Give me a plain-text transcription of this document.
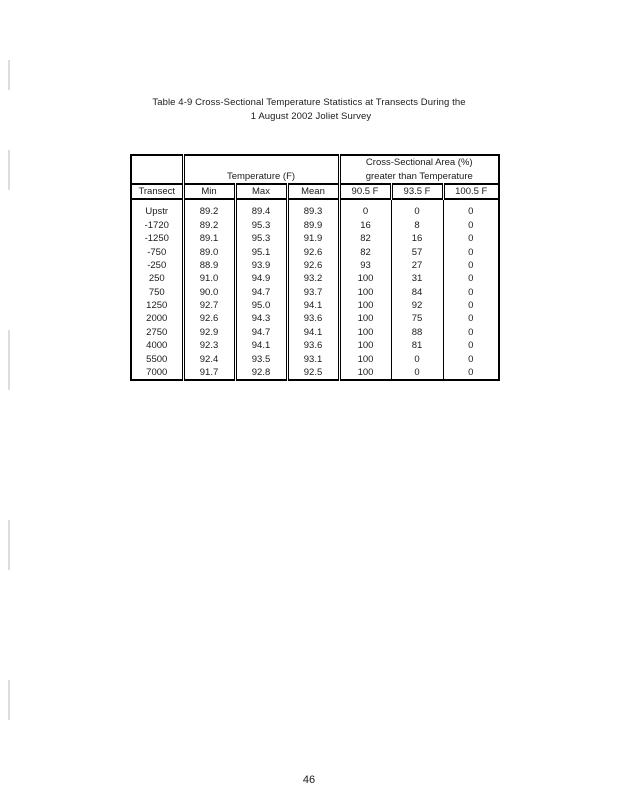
Table 4-9 Cross-Sectional Temperature Statistics at Transects During the
1 August 2002 Joliet Survey
				Cross-Sectional Area (%)		
	Temperature (F)			greater than Temperature		
Transect	Min	Max	Mean	90.5 F	93.5 F	100.5 F

Upstr	89.2	89.4	89.3	0	0	0
-1720	89.2	95.3	89.9	16	8	0
-1250	89.1	95.3	91.9	82	16	0
-750	89.0	95.1	92.6	82	57	0
-250	88.9	93.9	92.6	93	27	0
250	91.0	94.9	93.2	100	31	0
750	90.0	94.7	93.7	100	84	0
1250	92.7	95.0	94.1	100	92	0
2000	92.6	94.3	93.6	100	75	0
2750	92.9	94.7	94.1	100	88	0
4000	92.3	94.1	93.6	100	81	0
5500	92.4	93.5	93.1	100	0	0
7000	91.7	92.8	92.5	100	0	0
46
